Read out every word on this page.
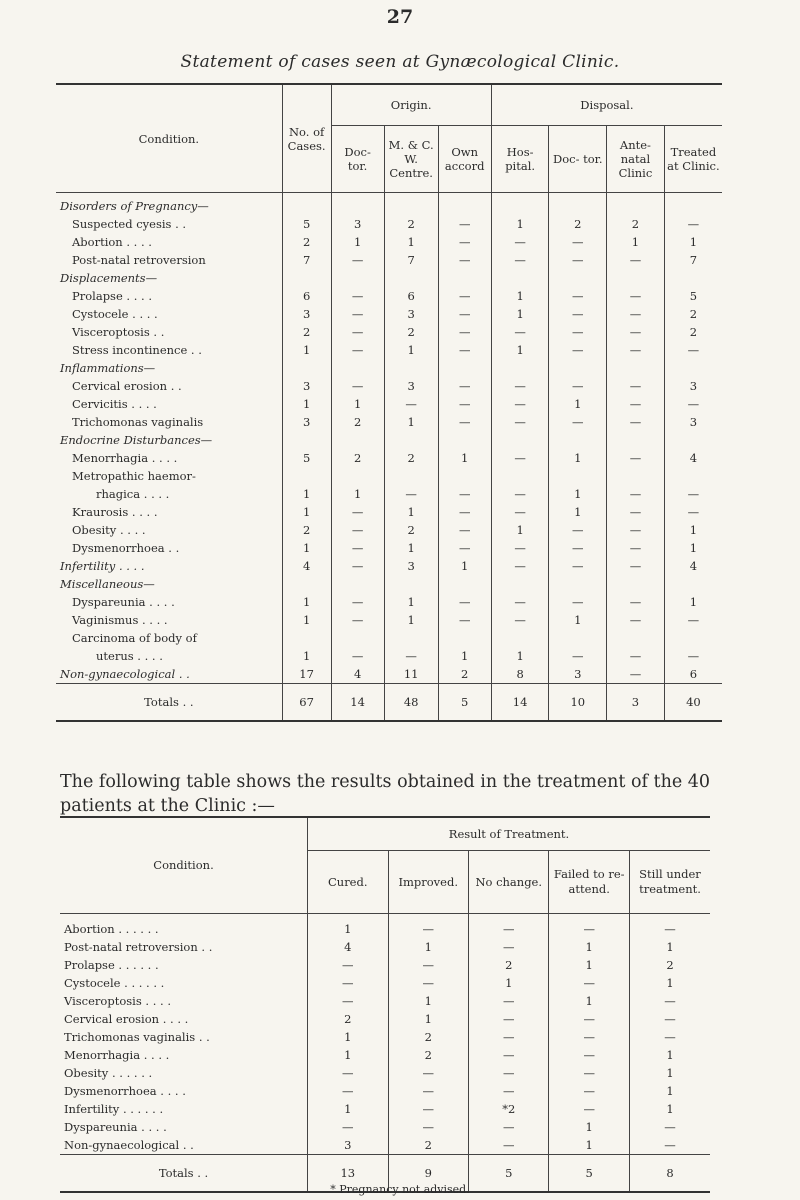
27
Statement of cases seen at Gynæcological Clinic.
Condition.	No. of Cases.	Origin.			Disposal.			
		Doc- tor.	M. & C. W. Centre.	Own accord	Hos- pital.	Doc- tor.	Ante- natal Clinic	Treated at Clinic.
Disorders of Pregnancy—								
Suspected cyesis . .	5	3	2	—	1	2	2	—
Abortion . . . .	2	1	1	—	—	—	1	1
Post-natal retroversion	7	—	7	—	—	—	—	7
Displacements—								
Prolapse . . . .	6	—	6	—	1	—	—	5
Cystocele . . . .	3	—	3	—	1	—	—	2
Visceroptosis . .	2	—	2	—	—	—	—	2
Stress incontinence . .	1	—	1	—	1	—	—	—
Inflammations—								
Cervical erosion . .	3	—	3	—	—	—	—	3
Cervicitis . . . .	1	1	—	—	—	1	—	—
Trichomonas vaginalis	3	2	1	—	—	—	—	3
Endocrine Disturbances—								
Menorrhagia . . . .	5	2	2	1	—	1	—	4
Metropathic haemor-								
rhagica . . . .	1	1	—	—	—	1	—	—
Kraurosis . . . .	1	—	1	—	—	1	—	—
Obesity . . . .	2	—	2	—	1	—	—	1
Dysmenorrhoea . .	1	—	1	—	—	—	—	1
Infertility . . . .	4	—	3	1	—	—	—	4
Miscellaneous—								
Dyspareunia . . . .	1	—	1	—	—	—	—	1
Vaginismus . . . .	1	—	1	—	—	1	—	—
Carcinoma of body of								
uterus . . . .	1	—	—	1	1	—	—	—
Non-gynaecological . .	17	4	11	2	8	3	—	6
Totals . .	67	14	48	5	14	10	3	40
The following table shows the results obtained in the treatment of the 40 patients at the Clinic :—
Condition.	Result of Treatment.				
	Cured.	Improved.	No change.	Failed to re- attend.	Still under treatment.
Abortion . . . . . .	1	—	—	—	—
Post-natal retroversion . .	4	1	—	1	1
Prolapse . . . . . .	—	—	2	1	2
Cystocele . . . . . .	—	—	1	—	1
Visceroptosis . . . .	—	1	—	1	—
Cervical erosion . . . .	2	1	—	—	—
Trichomonas vaginalis . .	1	2	—	—	—
Menorrhagia . . . .	1	2	—	—	1
Obesity . . . . . .	—	—	—	—	1
Dysmenorrhoea . . . .	—	—	—	—	1
Infertility . . . . . .	1	—	*2	—	1
Dyspareunia . . . .	—	—	—	1	—
Non-gynaecological . .	3	2	—	1	—
Totals . .	13	9	5	5	8
* Pregnancy not advised.
